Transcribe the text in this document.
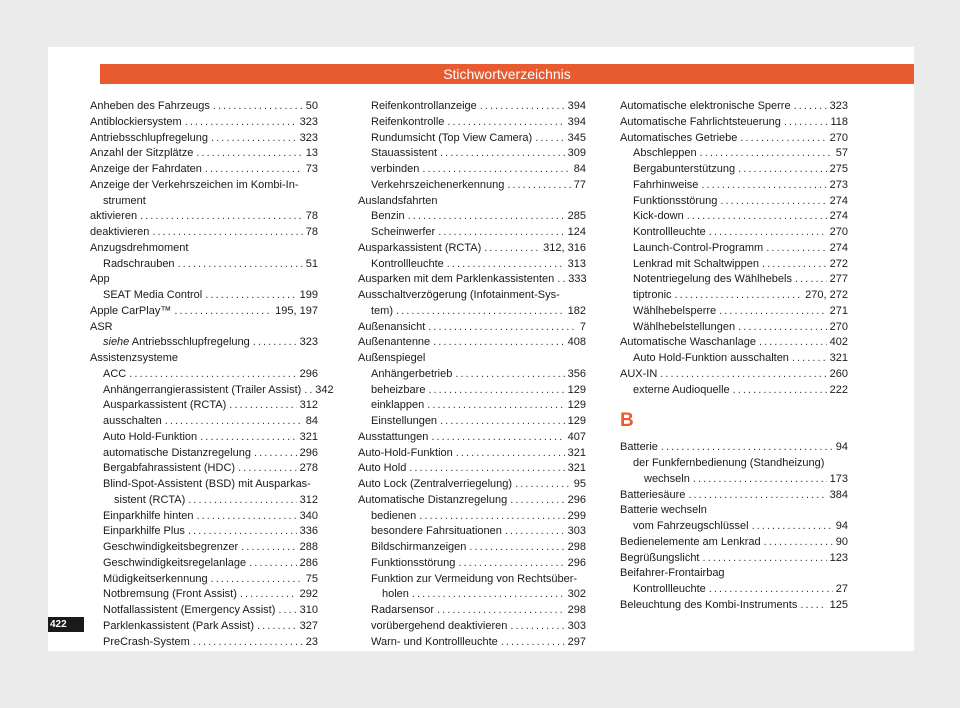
Stichwortverzeichnis
Anheben des Fahrzeugs . . .	50
Antiblockiersystem . . .	323
Antriebsschlupfregelung . . .	323
Anzahl der Sitzplätze . . .	13
Anzeige der Fahrdaten . . .	73
Anzeige der Verkehrszeichen im Kombi-In-
strument
aktivieren . . .	78
deaktivieren . . .	78
Anzugsdrehmoment
Radschrauben . . .	51
App
SEAT Media Control . . .	199
Apple CarPlay™ . . .	195, 197
ASR
siehe Antriebsschlupfregelung . . .	323
Assistenzsysteme
ACC . . .	296
Anhängerrangierassistent (Trailer Assist) . . . 342
Ausparkassistent (RCTA) . . .	312
ausschalten . . .	84
Auto Hold-Funktion . . .	321
automatische Distanzregelung . . .	296
Bergabfahrassistent (HDC) . . .	278
Blind-Spot-Assistent (BSD) mit Ausparkas-
sistent (RCTA) . . .	312
Einparkhilfe hinten . . .	340
Einparkhilfe Plus . . .	336
Geschwindigkeitsbegrenzer . . .	288
Geschwindigkeitsregelanlage . . .	286
Müdigkeitserkennung . . .	75
Notbremsung (Front Assist) . . .	292
Notfallassistent (Emergency Assist) . . . 310
Parklenkassistent (Park Assist) . . .	327
PreCrash-System . . .	23
Reifenkontrollanzeige . . .	394
Reifenkontrolle . . .	394
Rundumsicht (Top View Camera) . . .	345
Stauassistent . . .	309
verbinden . . .	84
Verkehrszeichenerkennung . . .	77
Auslandsfahrten
Benzin . . .	285
Scheinwerfer . . .	124
Ausparkassistent (RCTA) . . .	312, 316
Kontrollleuchte . . .	313
Ausparken mit dem Parklenkassistenten . . . 333
Ausschaltverzögerung (Infotainment-Sys-
tem) . . .	182
Außenansicht . . .	7
Außenantenne . . .	408
Außenspiegel
Anhängerbetrieb . . .	356
beheizbare . . .	129
einklappen . . .	129
Einstellungen . . .	129
Ausstattungen . . .	407
Auto-Hold-Funktion . . .	321
Auto Hold . . .	321
Auto Lock (Zentralverriegelung) . . .	95
Automatische Distanzregelung . . .	296
bedienen . . .	299
besondere Fahrsituationen . . .	303
Bildschirmanzeigen . . .	298
Funktionsstörung . . .	296
Funktion zur Vermeidung von Rechtsüber-
holen . . .	302
Radarsensor . . .	298
vorübergehend deaktivieren . . .	303
Warn- und Kontrollleuchte . . .	297
Automatische elektronische Sperre . . .	323
Automatische Fahrlichtsteuerung . . .	118
Automatisches Getriebe . . .	270
Abschleppen . . .	57
Bergabunterstützung . . .	275
Fahrhinweise . . .	273
Funktionsstörung . . .	274
Kick-down . . .	274
Kontrollleuchte . . .	270
Launch-Control-Programm . . .	274
Lenkrad mit Schaltwippen . . .	272
Notentriegelung des Wählhebels . . .	277
tiptronic . . .	270, 272
Wählhebelsperre . . .	271
Wählhebelstellungen . . .	270
Automatische Waschanlage . . .	402
Auto Hold-Funktion ausschalten . . .	321
AUX-IN . . .	260
externe Audioquelle . . .	222
B
Batterie . . .	94
der Funkfernbedienung (Standheizung)
wechseln . . .	173
Batteriesäure . . .	384
Batterie wechseln
vom Fahrzeugschlüssel . . .	94
Bedienelemente am Lenkrad . . .	90
Begrüßungslicht . . .	123
Beifahrer-Frontairbag
Kontrollleuchte . . .	27
Beleuchtung des Kombi-Instruments . . .	125
422
